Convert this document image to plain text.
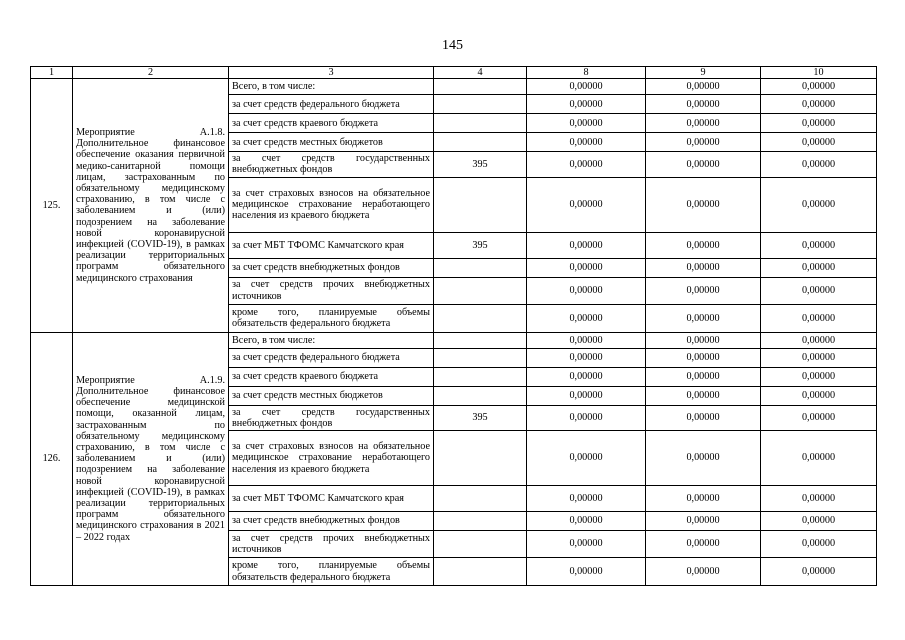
145
1	2	3	4	8	9	10
125.	Мероприятие А.1.8. Дополнительное финансовое обеспечение оказания первичной медико-санитарной помощи лицам, застрахованным по обязательному медицинскому страхованию, в том числе с заболеванием и (или) подозрением на заболевание новой коронавирусной инфекцией (COVID-19), в рамках реализации территориальных программ обязательного медицинского страхования	Всего, в том числе:		0,00000	0,00000	0,00000
		за счет средств федерального бюджета		0,00000	0,00000	0,00000
		за счет средств краевого бюджета		0,00000	0,00000	0,00000
		за счет средств местных бюджетов		0,00000	0,00000	0,00000
		за счет средств государственных внебюджетных фондов	395	0,00000	0,00000	0,00000
		за счет страховых взносов на обязательное медицинское страхование неработающего населения из краевого бюджета		0,00000	0,00000	0,00000
		за счет МБТ ТФОМС Камчатского края	395	0,00000	0,00000	0,00000
		за счет средств внебюджетных фондов		0,00000	0,00000	0,00000
		за счет средств прочих внебюджетных источников		0,00000	0,00000	0,00000
		кроме того, планируемые объемы обязательств федерального бюджета		0,00000	0,00000	0,00000
126.	Мероприятие А.1.9. Дополнительное финансовое обеспечение медицинской помощи, оказанной лицам, застрахованным по обязательному медицинскому страхованию, в том числе с заболеванием и (или) подозрением на заболевание новой коронавирусной инфекцией (COVID-19), в рамках реализации территориальных программ обязательного медицинского страхования в 2021 – 2022 годах	Всего, в том числе:		0,00000	0,00000	0,00000
		за счет средств федерального бюджета		0,00000	0,00000	0,00000
		за счет средств краевого бюджета		0,00000	0,00000	0,00000
		за счет средств местных бюджетов		0,00000	0,00000	0,00000
		за счет средств государственных внебюджетных фондов	395	0,00000	0,00000	0,00000
		за счет страховых взносов на обязательное медицинское страхование неработающего населения из краевого бюджета		0,00000	0,00000	0,00000
		за счет МБТ ТФОМС Камчатского края		0,00000	0,00000	0,00000
		за счет средств внебюджетных фондов		0,00000	0,00000	0,00000
		за счет средств прочих внебюджетных источников		0,00000	0,00000	0,00000
		кроме того, планируемые объемы обязательств федерального бюджета		0,00000	0,00000	0,00000
